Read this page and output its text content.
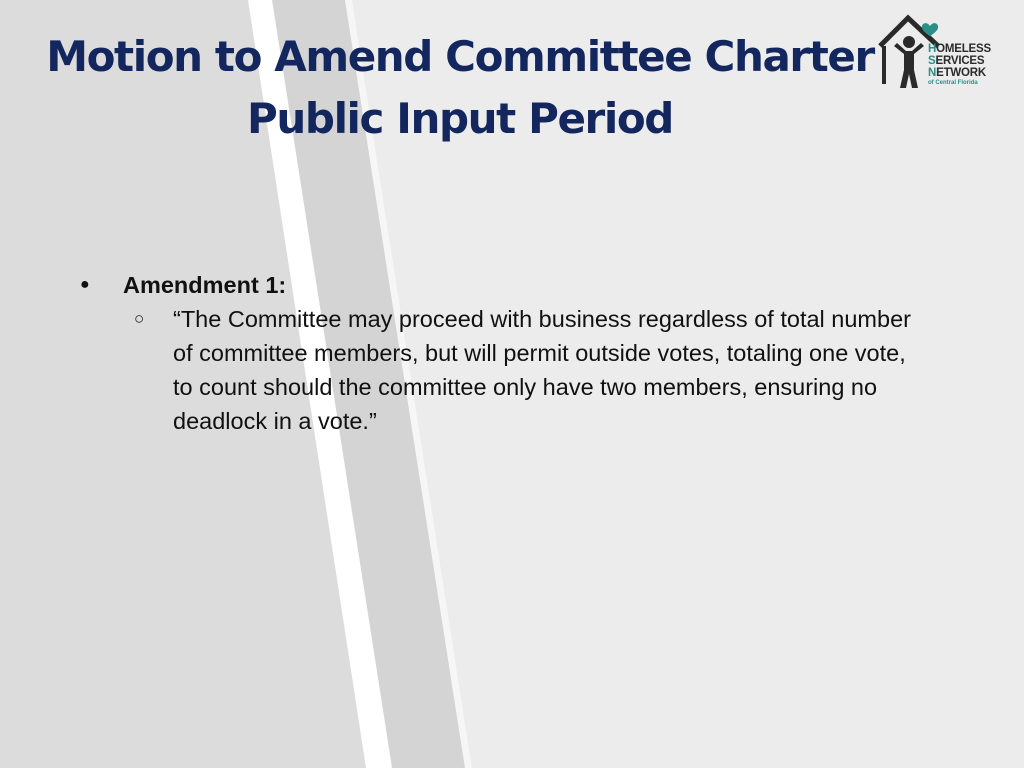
Motion to Amend Committee Charter
Public Input Period
HOMELESS
SERVICES
NETWORK
of Central Florida
● Amendment 1:
○ “The Committee may proceed with business regardless of total number of committee members, but will permit outside votes, totaling one vote, to count should the committee only have two members, ensuring no deadlock in a vote.”
